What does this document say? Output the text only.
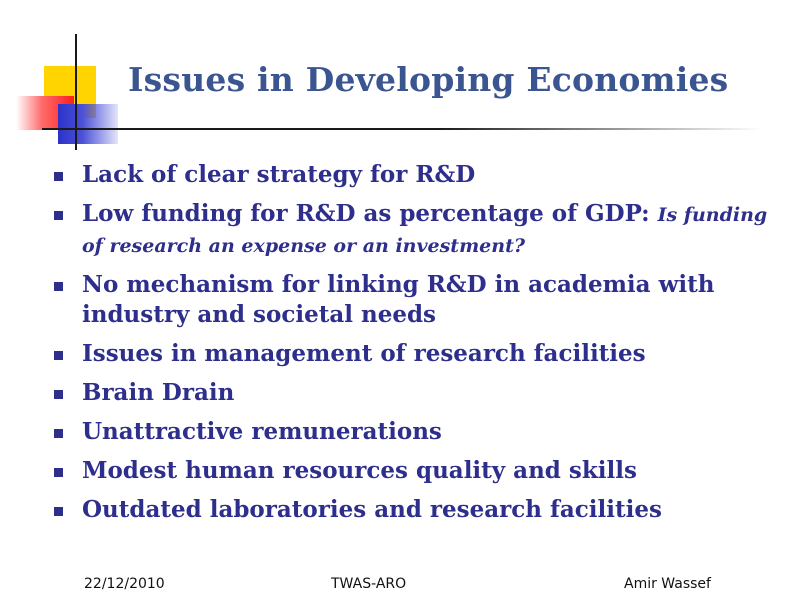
Issues in Developing Economies
Lack of clear strategy for R&D
Low funding for R&D as percentage of GDP: Is funding of research an expense or an investment?
No mechanism for linking R&D in academia with industry and societal needs
Issues in management of research facilities
Brain Drain
Unattractive remunerations
Modest human resources quality and skills
Outdated laboratories and research facilities
22/12/2010	TWAS-ARO	Amir Wassef
